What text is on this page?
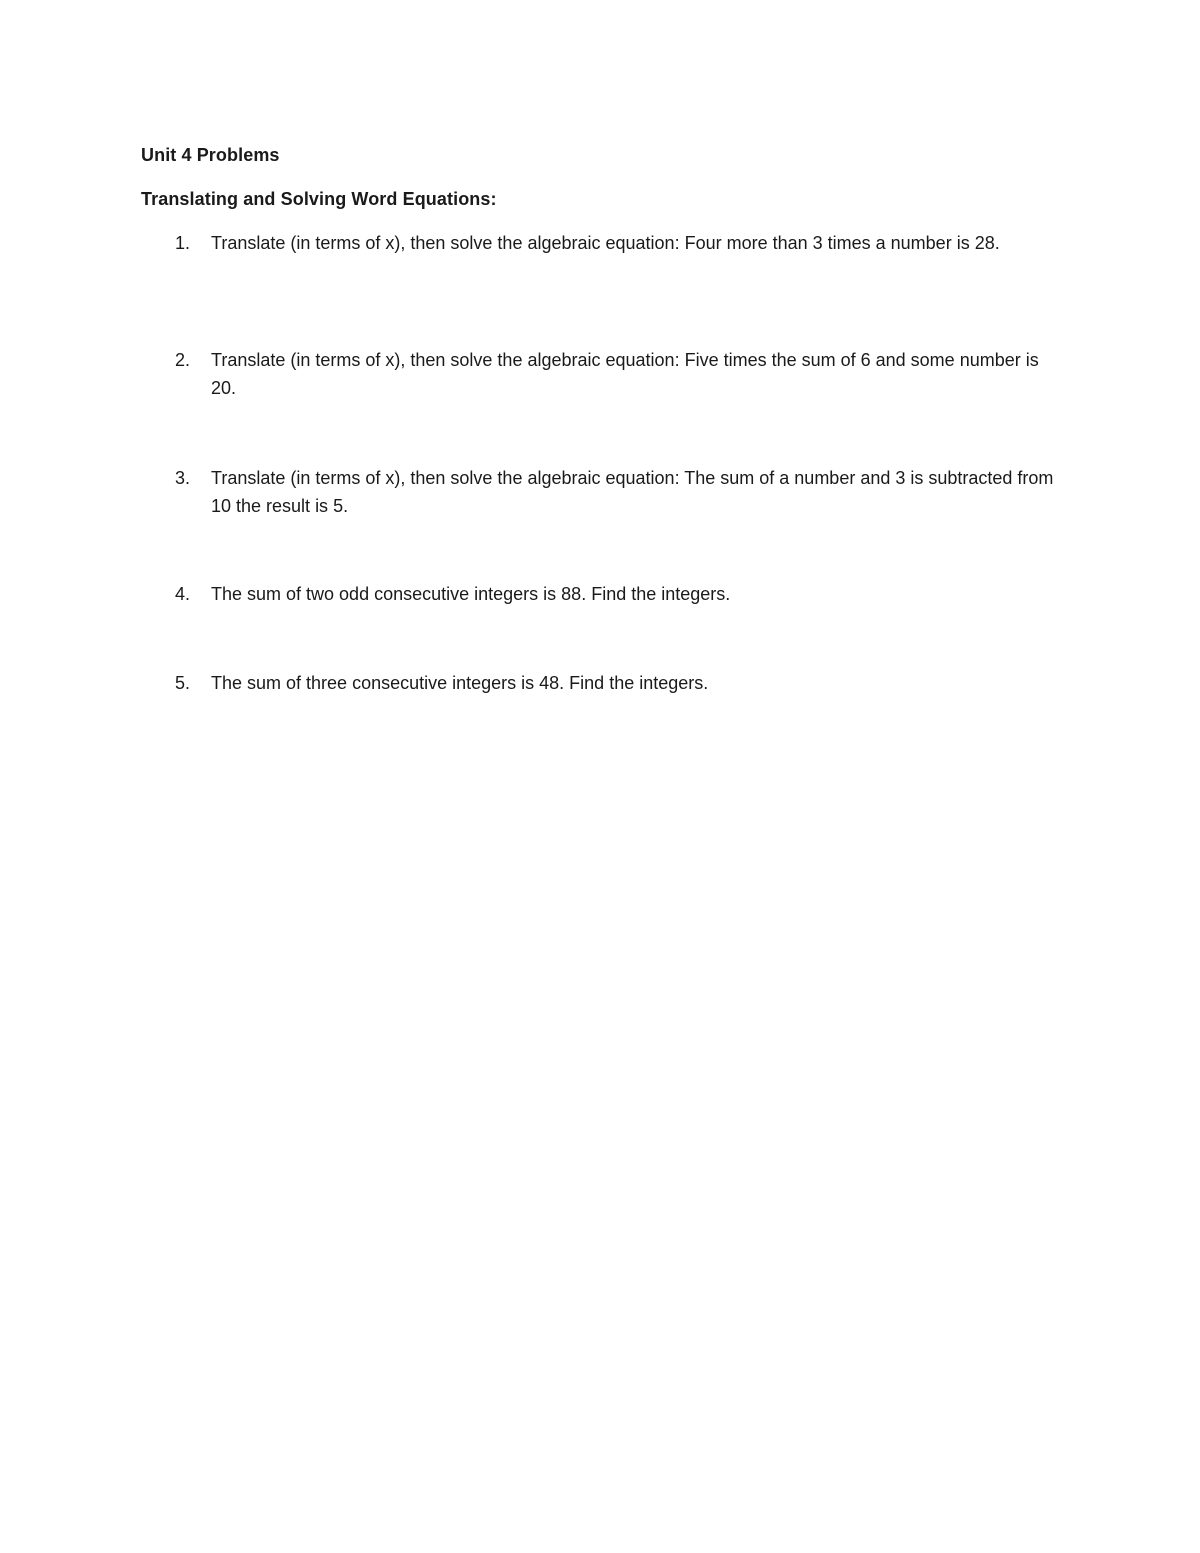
Unit 4 Problems
Translating and Solving Word Equations:
1.	Translate (in terms of x), then solve the algebraic equation: Four more than 3 times a number is 28.
2.	Translate (in terms of x), then solve the algebraic equation: Five times the sum of 6 and some number is 20.
3.	Translate (in terms of x), then solve the algebraic equation: The sum of a number and 3 is subtracted from 10 the result is 5.
4.	The sum of two odd consecutive integers is 88. Find the integers.
5.	The sum of three consecutive integers is 48. Find the integers.
